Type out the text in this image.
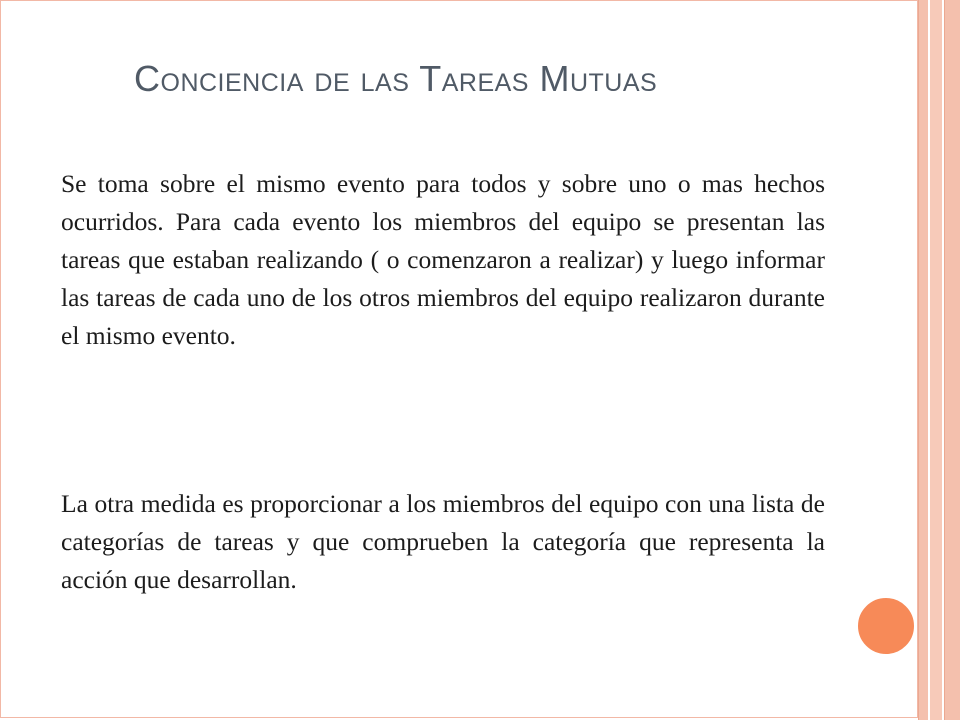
Conciencia de las Tareas Mutuas

Se toma sobre el mismo evento para todos y sobre uno o mas hechos ocurridos. Para cada evento los miembros del equipo se presentan las tareas que estaban realizando ( o comenzaron a realizar) y luego informar las tareas de cada uno de los otros miembros del equipo realizaron durante el mismo evento.

La otra medida es proporcionar a los miembros del equipo con una lista de categorías de tareas y que comprueben la categoría que representa la acción que desarrollan.
